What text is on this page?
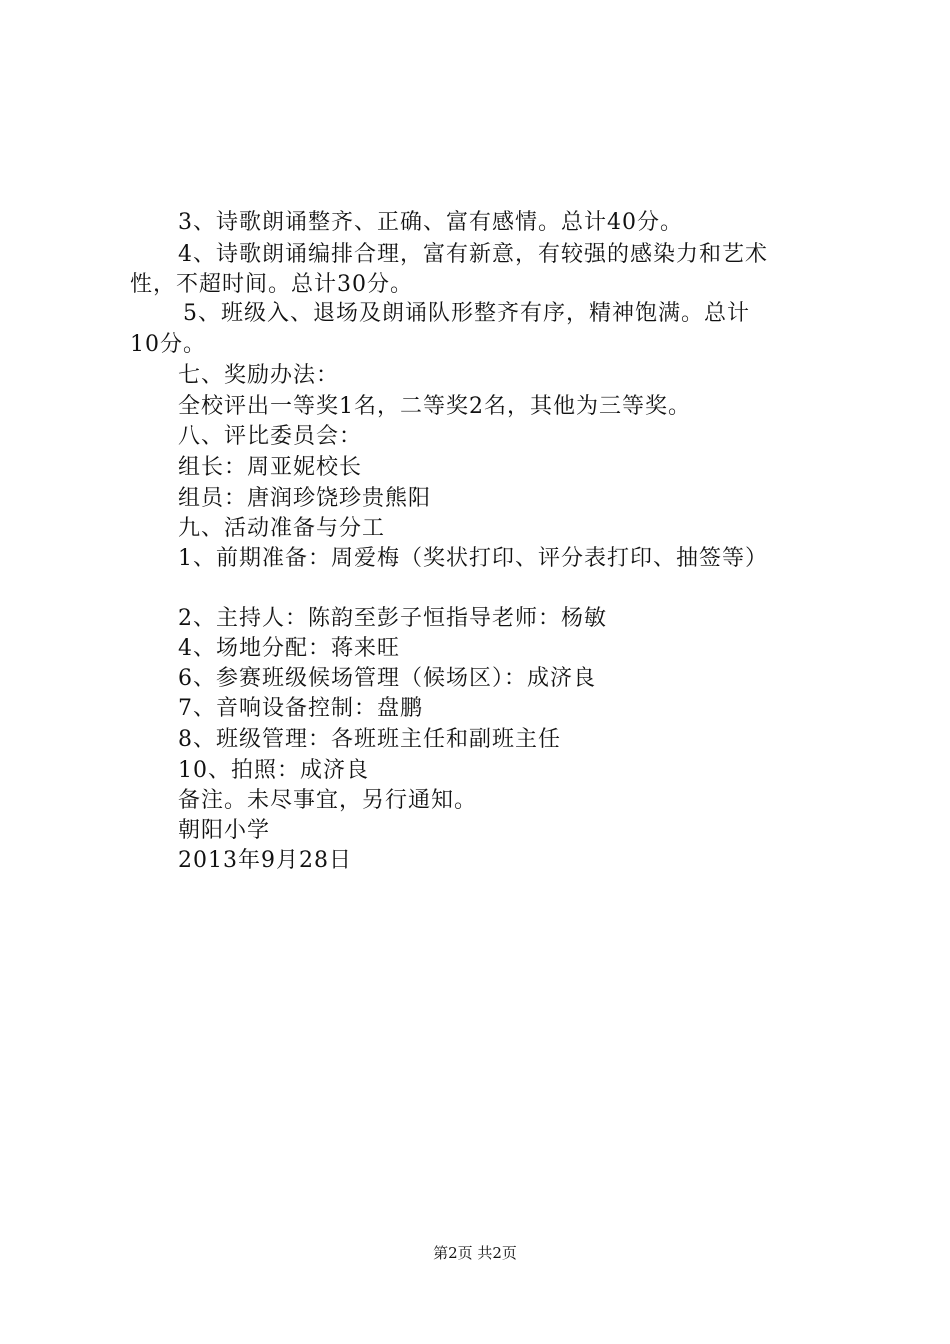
3、诗歌朗诵整齐、正确、富有感情。总计40分。
4、诗歌朗诵编排合理，富有新意，有较强的感染力和艺术
性，不超时间。总计30分。
5、班级入、退场及朗诵队形整齐有序，精神饱满。总计
10分。
七、奖励办法：
全校评出一等奖1名，二等奖2名，其他为三等奖。
八、评比委员会：
组长：周亚妮校长
组员：唐润珍饶珍贵熊阳
九、活动准备与分工
1、前期准备：周爱梅（奖状打印、评分表打印、抽签等）
2、主持人：陈韵至彭子恒指导老师：杨敏
4、场地分配：蒋来旺
6、参赛班级候场管理（候场区）：成济良
7、音响设备控制：盘鹏
8、班级管理：各班班主任和副班主任
10、拍照：成济良
备注。未尽事宜，另行通知。
朝阳小学
2013年9月28日
第2页 共2页
